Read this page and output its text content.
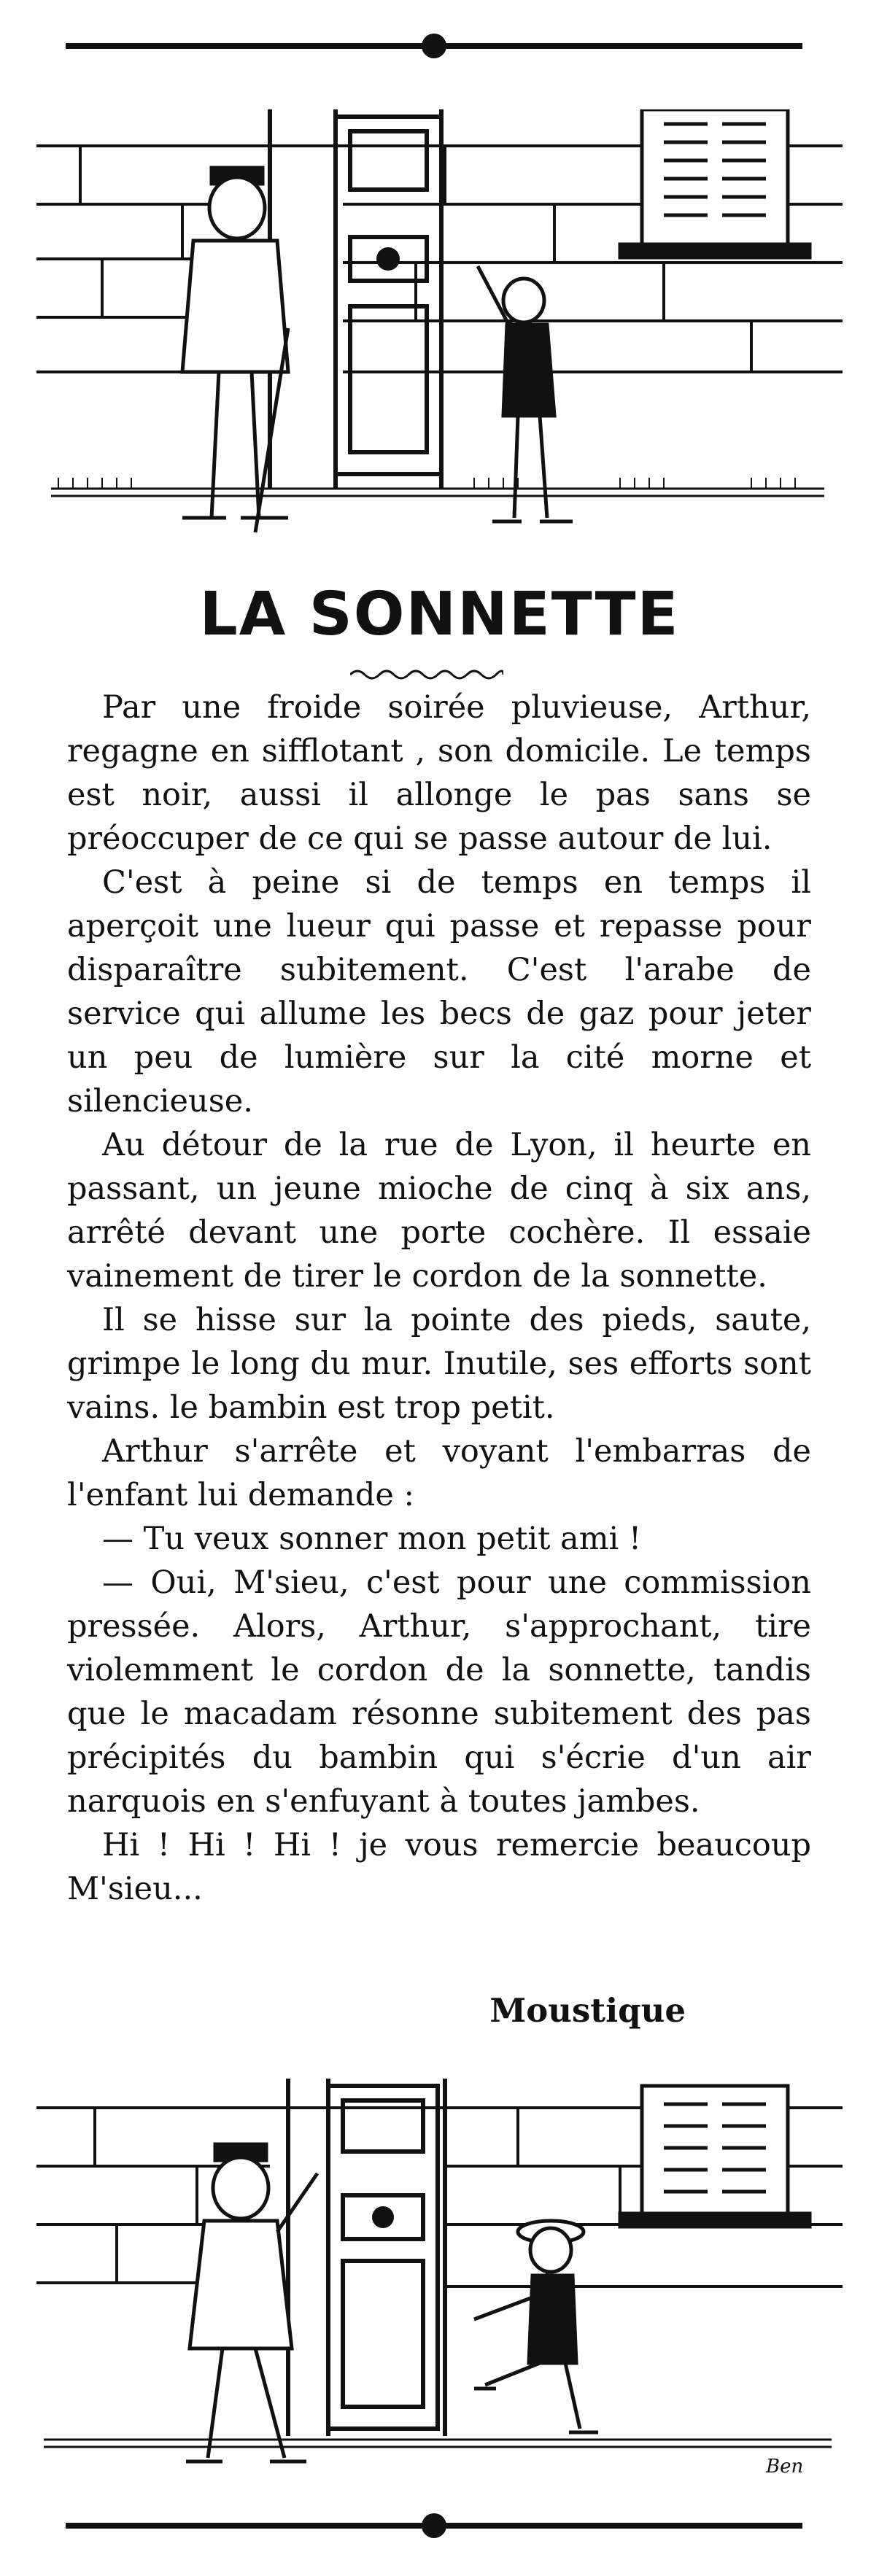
LA SONNETTE

Par une froide soirée pluvieuse, Arthur, regagne en sifflotant , son domicile. Le temps est noir, aussi il allonge le pas sans se préoccuper de ce qui se passe autour de lui.

C'est à peine si de temps en temps il aperçoit une lueur qui passe et repasse pour disparaître subitement. C'est l'arabe de service qui allume les becs de gaz pour jeter un peu de lumière sur la cité morne et silencieuse.

Au détour de la rue de Lyon, il heurte en passant, un jeune mioche de cinq à six ans, arrêté devant une porte cochère. Il essaie vainement de tirer le cordon de la sonnette.

Il se hisse sur la pointe des pieds, saute, grimpe le long du mur. Inutile, ses efforts sont vains. le bambin est trop petit.

Arthur s'arrête et voyant l'embarras de l'enfant lui demande :

— Tu veux sonner mon petit ami !

— Oui, M'sieu, c'est pour une commission pressée. Alors, Arthur, s'approchant, tire violemment le cordon de la sonnette, tandis que le macadam résonne subitement des pas précipités du bambin qui s'écrie d'un air narquois en s'enfuyant à toutes jambes.

Hi ! Hi ! Hi ! je vous remercie beaucoup M'sieu...

Moustique
Ben
